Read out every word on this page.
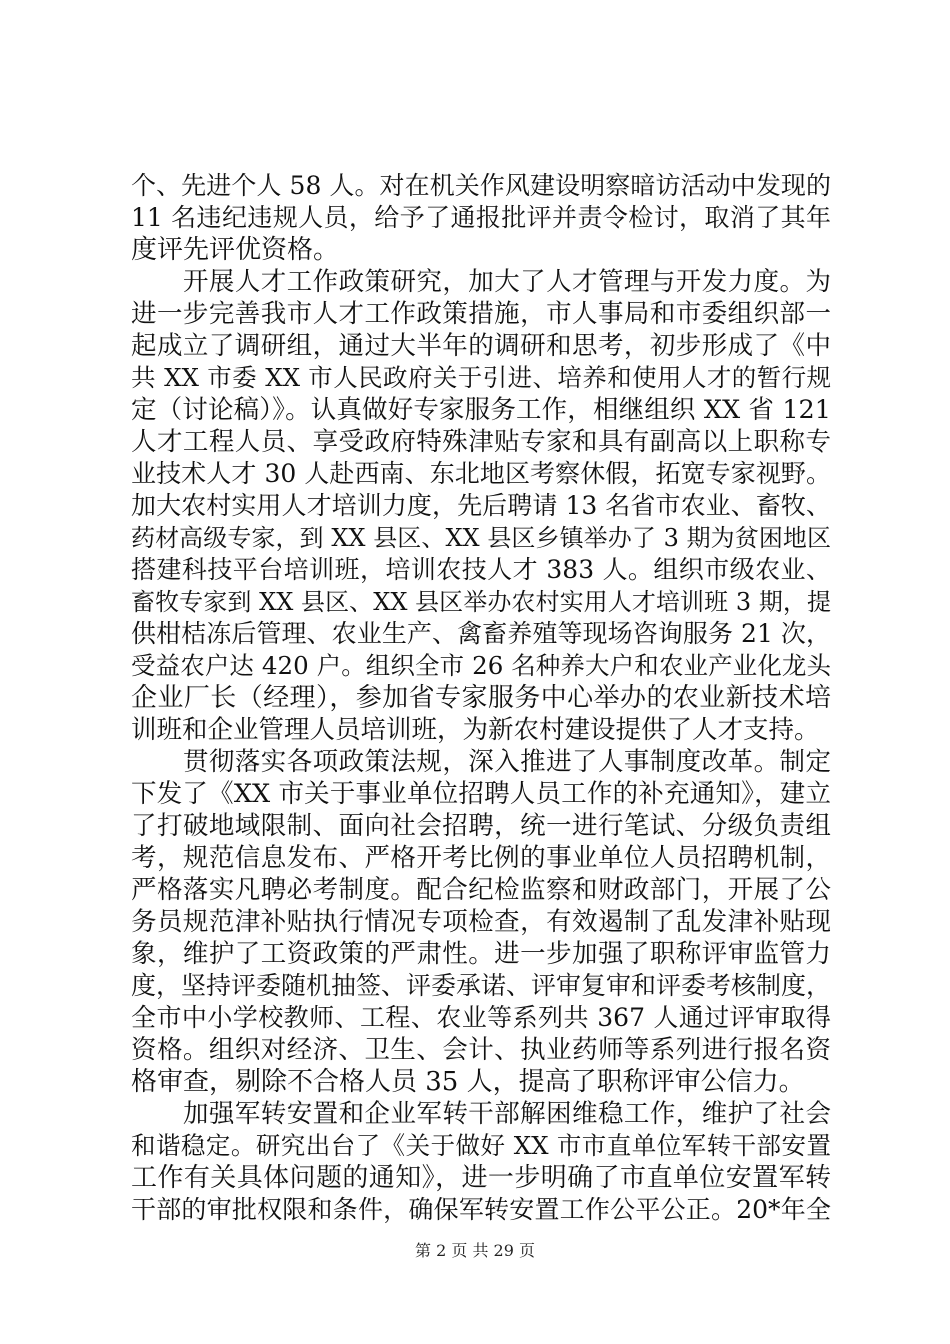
个、先进个人 58 人。对在机关作风建设明察暗访活动中发现的
11 名违纪违规人员，给予了通报批评并责令检讨，取消了其年
度评先评优资格。
开展人才工作政策研究，加大了人才管理与开发力度。为
进一步完善我市人才工作政策措施，市人事局和市委组织部一
起成立了调研组，通过大半年的调研和思考，初步形成了《中
共 XX 市委 XX 市人民政府关于引进、培养和使用人才的暂行规
定（讨论稿）》。认真做好专家服务工作，相继组织 XX 省 121
人才工程人员、享受政府特殊津贴专家和具有副高以上职称专
业技术人才 30 人赴西南、东北地区考察休假，拓宽专家视野。
加大农村实用人才培训力度，先后聘请 13 名省市农业、畜牧、
药材高级专家，到 XX 县区、XX 县区乡镇举办了 3 期为贫困地区
搭建科技平台培训班，培训农技人才 383 人。组织市级农业、
畜牧专家到 XX 县区、XX 县区举办农村实用人才培训班 3 期，提
供柑桔冻后管理、农业生产、禽畜养殖等现场咨询服务 21 次，
受益农户达 420 户。组织全市 26 名种养大户和农业产业化龙头
企业厂长（经理），参加省专家服务中心举办的农业新技术培
训班和企业管理人员培训班，为新农村建设提供了人才支持。
贯彻落实各项政策法规，深入推进了人事制度改革。制定
下发了《XX 市关于事业单位招聘人员工作的补充通知》，建立
了打破地域限制、面向社会招聘，统一进行笔试、分级负责组
考，规范信息发布、严格开考比例的事业单位人员招聘机制，
严格落实凡聘必考制度。配合纪检监察和财政部门，开展了公
务员规范津补贴执行情况专项检查，有效遏制了乱发津补贴现
象，维护了工资政策的严肃性。进一步加强了职称评审监管力
度，坚持评委随机抽签、评委承诺、评审复审和评委考核制度，
全市中小学校教师、工程、农业等系列共 367 人通过评审取得
资格。组织对经济、卫生、会计、执业药师等系列进行报名资
格审查，剔除不合格人员 35 人，提高了职称评审公信力。
加强军转安置和企业军转干部解困维稳工作，维护了社会
和谐稳定。研究出台了《关于做好 XX 市市直单位军转干部安置
工作有关具体问题的通知》，进一步明确了市直单位安置军转
干部的审批权限和条件，确保军转安置工作公平公正。20*年全
第 2 页 共 29 页
